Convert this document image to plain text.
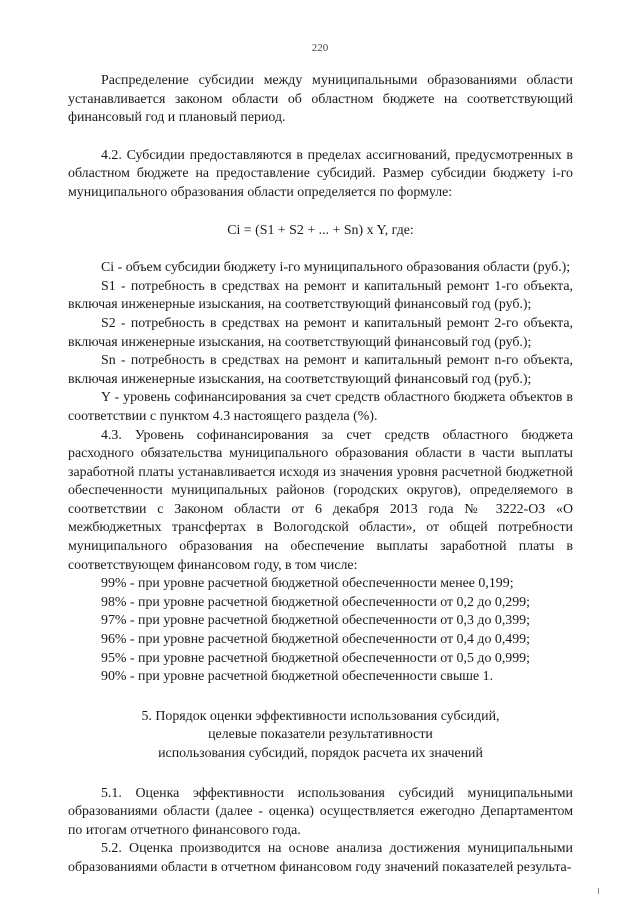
220

Распределение субсидии между муниципальными образованиями области устанавливается законом области об областном бюджете на соответствующий финансовый год и плановый период.

4.2. Субсидии предоставляются в пределах ассигнований, предусмотренных в областном бюджете на предоставление субсидий. Размер субсидии бюджету i-го муниципального образования области определяется по формуле:

Ci = (S1 + S2 + ... + Sn) x Y, где:

Ci - объем субсидии бюджету i-го муниципального образования области (руб.);

S1 - потребность в средствах на ремонт и капитальный ремонт 1-го объекта, включая инженерные изыскания, на соответствующий финансовый год (руб.);

S2 - потребность в средствах на ремонт и капитальный ремонт 2-го объекта, включая инженерные изыскания, на соответствующий финансовый год (руб.);

Sn - потребность в средствах на ремонт и капитальный ремонт n-го объекта, включая инженерные изыскания, на соответствующий финансовый год (руб.);

Y - уровень софинансирования за счет средств областного бюджета объектов в соответствии с пунктом 4.3 настоящего раздела (%).

4.3. Уровень софинансирования за счет средств областного бюджета расходного обязательства муниципального образования области в части выплаты заработной платы устанавливается исходя из значения уровня расчетной бюджетной обеспеченности муниципальных районов (городских округов), определяемого в соответствии с Законом области от 6 декабря 2013 года № 3222-ОЗ «О межбюджетных трансфертах в Вологодской области», от общей потребности муниципального образования на обеспечение выплаты заработной платы в соответствующем финансовом году, в том числе:

99% - при уровне расчетной бюджетной обеспеченности менее 0,199;

98% - при уровне расчетной бюджетной обеспеченности от 0,2 до 0,299;

97% - при уровне расчетной бюджетной обеспеченности от 0,3 до 0,399;

96% - при уровне расчетной бюджетной обеспеченности от 0,4 до 0,499;

95% - при уровне расчетной бюджетной обеспеченности от 0,5 до 0,999;

90% - при уровне расчетной бюджетной обеспеченности свыше 1.

5. Порядок оценки эффективности использования субсидий,

целевые показатели результативности

использования субсидий, порядок расчета их значений

5.1. Оценка эффективности использования субсидий муниципальными образованиями области (далее - оценка) осуществляется ежегодно Департаментом по итогам отчетного финансового года.

5.2. Оценка производится на основе анализа достижения муниципальными образованиями области в отчетном финансовом году значений показателей результа-
